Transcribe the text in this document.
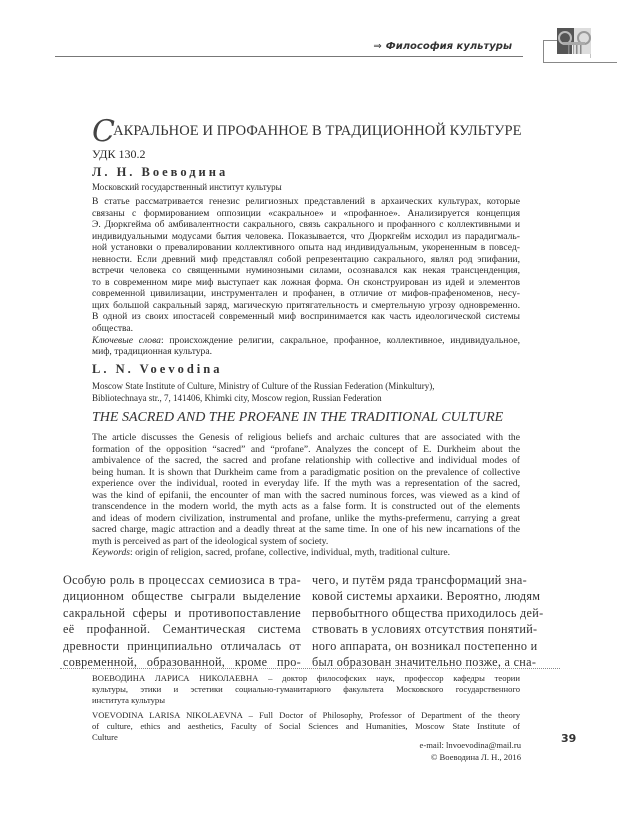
⇒ Философия культуры
САКРАЛЬНОЕ И ПРОФАННОЕ В ТРАДИЦИОННОЙ КУЛЬТУРЕ
УДК 130.2
Л. Н. Воеводина
Московский государственный институт культуры
В статье рассматривается генезис религиозных представлений в архаических культурах, которые
связаны с формированием оппозиции «сакральное» и «профанное». Анализируется концепция
Э. Дюркгейма об амбивалентности сакрального, связь сакрального и профанного с коллективными и
индивидуальными модусами бытия человека. Показывается, что Дюркгейм исходил из парадигмаль-
ной установки о превалировании коллективного опыта над индивидуальным, укорененным в повсед-
невности. Если древний миф представлял собой репрезентацию сакрального, являл род эпифании,
встречи человека со священными нуминозными силами, осознавался как некая трансценденция,
то в современном мире миф выступает как ложная форма. Он сконструирован из идей и элементов
современной цивилизации, инструментален и профанен, в отличие от мифов-прафеноменов, несу-
щих большой сакральный заряд, магическую притягательность и смертельную угрозу одновременно.
В одной из своих ипостасей современный миф воспринимается как часть идеологической системы
общества.
Ключевые слова: происхождение религии, сакральное, профанное, коллективное, индивидуальное,
миф, традиционная культура.
L. N. Voevodina
Moscow State Institute of Culture, Ministry of Culture of the Russian Federation (Minkultury),
Bibliotechnaya str., 7, 141406, Khimki city, Moscow region, Russian Federation
THE SACRED AND THE PROFANE IN THE TRADITIONAL CULTURE
The article discusses the Genesis of religious beliefs and archaic cultures that are associated with the
formation of the opposition “sacred” and “profane”. Analyzes the concept of E. Durkheim about the
ambivalence of the sacred, the sacred and profane relationship with collective and individual modes of
being human. It is shown that Durkheim came from a paradigmatic position on the prevalence of collective
experience over the individual, rooted in everyday life. If the myth was a representation of the sacred,
was the kind of epifanii, the encounter of man with the sacred numinous forces, was viewed as a kind of
transcendence in the modern world, the myth acts as a false form. It is constructed out of the elements
and ideas of modern civilization, instrumental and profane, unlike the myths-prefermenu, carrying a great
sacred charge, magic attraction and a deadly threat at the same time. In one of his new incarnations of the
myth is perceived as part of the ideological system of society.
Keywords: origin of religion, sacred, profane, collective, individual, myth, traditional culture.
Особую роль в процессах семиозиса в тра-
диционном обществе сыграли выделение
сакральной сферы и противопоставление
её профанной. Семантическая система
древности принципиально отличалась от
современной, образованной, кроме про-
чего, и путём ряда трансформаций зна-
ковой системы архаики. Вероятно, людям
первобытного общества приходилось дей-
ствовать в условиях отсутствия понятий-
ного аппарата, он возникал постепенно и
был образован значительно позже, а сна-
ВОЕВОДИНА ЛАРИСА НИКОЛАЕВНА – доктор философских наук, профессор кафедры теории
культуры, этики и эстетики социально-гуманитарного факультета Московского государственного
института культуры
VOEVODINA LARISA NIKOLAEVNA – Full Doctor of Philosophy, Professor of Department of the theory
of culture, ethics and aesthetics, Faculty of Social Sciences and Humanities, Moscow State Institute of
Culture
e-mail: lnvoevodina@mail.ru
© Воеводина Л. Н., 2016
39
